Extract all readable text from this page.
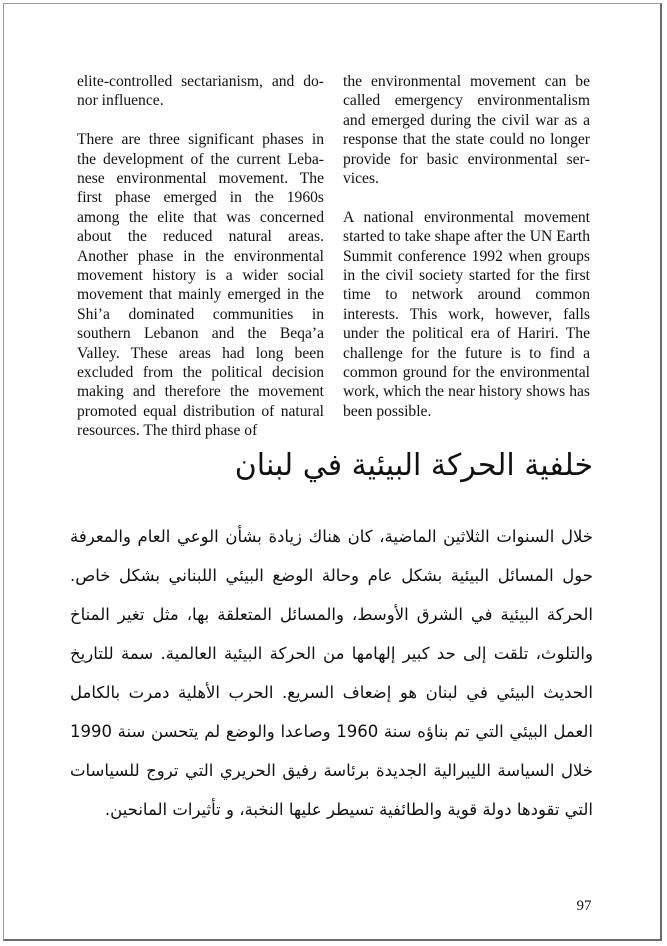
elite-controlled sectarianism, and donor influence.

There are three significant phases in the development of the current Lebanese environmental movement. The first phase emerged in the 1960s among the elite that was concerned about the reduced natural areas. Another phase in the environmental movement history is a wider social movement that mainly emerged in the Shi’a dominated communities in southern Lebanon and the Beqa’a Valley. These areas had long been excluded from the political decision making and therefore the movement promoted equal distribution of natural resources. The third phase of

the environmental movement can be called emergency environmentalism and emerged during the civil war as a response that the state could no longer provide for basic environmental services.

A national environmental movement started to take shape after the UN Earth Summit conference 1992 when groups in the civil society started for the first time to network around common interests. This work, however, falls under the political era of Hariri. The challenge for the future is to find a common ground for the environmental work, which the near history shows has been possible.

خلفية الحركة البيئية في لبنان

خلال السنوات الثلاثين الماضية، كان هناك زيادة بشأن الوعي العام والمعرفة حول المسائل البيئية بشكل عام وحالة الوضع البيئي اللبناني بشكل خاص. الحركة البيئية في الشرق الأوسط، والمسائل المتعلقة بها، مثل تغير المناخ والتلوث، تلقت إلى حد كبير إلهامها من الحركة البيئية العالمية. سمة للتاريخ الحديث البيئي في لبنان هو إضعاف السريع. الحرب الأهلية دمرت بالكامل العمل البيئي التي تم بناؤه سنة 1960 وصاعدا والوضع لم يتحسن سنة 1990 خلال السياسة الليبرالية الجديدة برئاسة رفيق الحريري التي تروج للسياسات التي تقودها دولة قوية والطائفية تسيطر عليها النخبة، و تأثيرات المانحين.

97
